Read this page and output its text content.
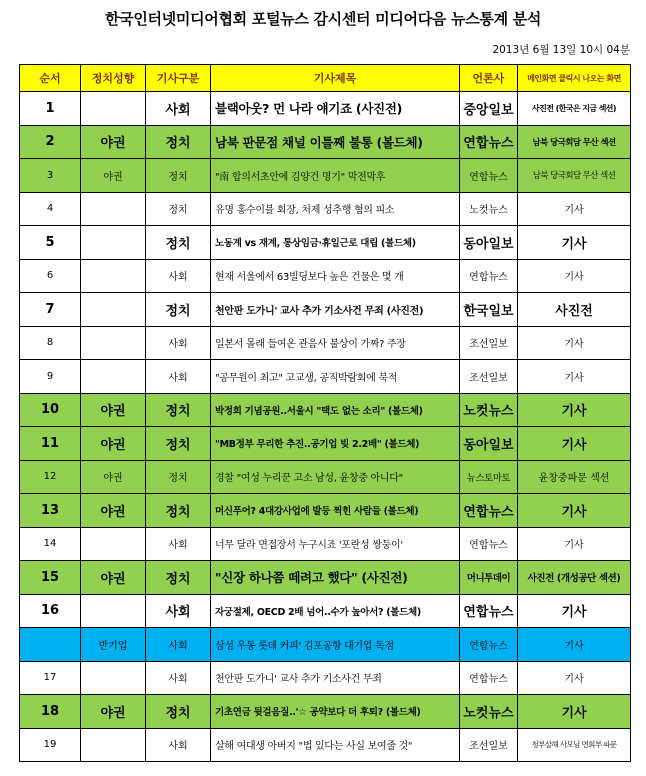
한국인터넷미디어협회 포털뉴스 감시센터 미디어다음 뉴스통계 분석
2013년 6월 13일 10시 04분
순서	정치성향	기사구분	기사제목	언론사	메인화면 클릭시 나오는 화면
1		사회	블랙아웃? 먼 나라 얘기죠 (사진전)	중앙일보	사진전 (한국은 지금 섹션)
2	야권	정치	남북 판문점 채널 이틀째 불통 (볼드체)	연합뉴스	남북 당국회담 무산 섹션
3	야권	정치	"南 합의서초안에 김양건 명기" 막전막후	연합뉴스	남북 당국회담 무산 섹션
4		정치	유명 홍수이블 회장, 처제 성추행 혐의 피소	노컷뉴스	기사
5		정치	노동계 vs 재계, 통상임금·휴일근로 대립 (볼드체)	동아일보	기사
6		사회	현재 서울에서 63빌딩보다 높은 건물은 몇 개	연합뉴스	기사
7		정치	천안판 도가니' 교사 추가 기소사건 무죄 (사진전)	한국일보	사진전
8		사회	일본서 몰래 들여온 관음사 불상이 가짜? 주장	조선일보	기사
9		사회	"공무원이 최고" 고교생, 공직박람회에 북적	조선일보	기사
10	야권	정치	박정희 기념공원..서울시 "택도 없는 소리" (볼드체)	노컷뉴스	기사
11	야권	정치	"MB정부 무리한 추진..공기업 빚 2.2배" (볼드체)	동아일보	기사
12	야권	정치	경찰 "여성 누리꾼 고소 남성, 윤창중 아니다"	뉴스토마토	윤창중파문 섹션
13	야권	정치	머신푸어? 4대강사업에 발등 찍힌 사람들 (볼드체)	연합뉴스	기사
14		사회	너무 달라 면접장서 누구시죠 '포란성 쌍둥이'	연합뉴스	기사
15	야권	정치	"신장 하나쯤 떼려고 했다" (사진전)	머니투데이	사진전 (개성공단 섹션)
16		사회	자궁절제, OECD 2배 넘어..수가 높아서? (볼드체)	연합뉴스	기사
	반기업	사회	삼성 우동 롯데 커피' 김포공항 대기업 독점	연합뉴스	기사
17		사회	천안판 도가니' 교사 추가 기소사건 무죄	연합뉴스	기사
18	야권	정치	기초연금 뒷걸음질..'☆ 공약보다 더 후퇴? (볼드체)	노컷뉴스	기사
19		사회	살해 여대생 아버지 "법 있다는 사실 보여줄 것"	조선일보	청부살해 사모님 면회부 파문
